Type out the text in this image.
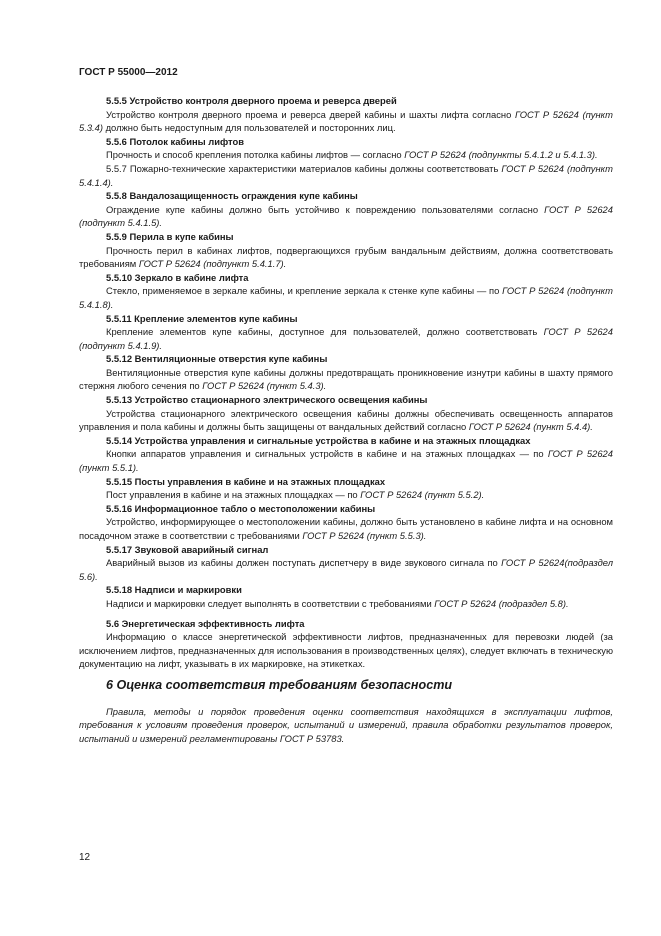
ГОСТ Р 55000—2012
5.5.5 Устройство контроля дверного проема и реверса дверей
Устройство контроля дверного проема и реверса дверей кабины и шахты лифта согласно ГОСТ Р 52624 (пункт 5.3.4) должно быть недоступным для пользователей и посторонних лиц.
5.5.6 Потолок кабины лифтов
Прочность и способ крепления потолка кабины лифтов — согласно ГОСТ Р 52624 (подпункты 5.4.1.2 и 5.4.1.3).
5.5.7 Пожарно-технические характеристики материалов кабины должны соответствовать ГОСТ Р 52624 (подпункт 5.4.1.4).
5.5.8 Вандалозащищенность ограждения купе кабины
Ограждение купе кабины должно быть устойчиво к повреждению пользователями согласно ГОСТ Р 52624 (подпункт 5.4.1.5).
5.5.9 Перила в купе кабины
Прочность перил в кабинах лифтов, подвергающихся грубым вандальным действиям, должна соответствовать требованиям ГОСТ Р 52624 (подпункт 5.4.1.7).
5.5.10 Зеркало в кабине лифта
Стекло, применяемое в зеркале кабины, и крепление зеркала к стенке купе кабины — по ГОСТ Р 52624 (подпункт 5.4.1.8).
5.5.11 Крепление элементов купе кабины
Крепление элементов купе кабины, доступное для пользователей, должно соответствовать ГОСТ Р 52624 (подпункт 5.4.1.9).
5.5.12 Вентиляционные отверстия купе кабины
Вентиляционные отверстия купе кабины должны предотвращать проникновение изнутри кабины в шахту прямого стержня любого сечения по ГОСТ Р 52624 (пункт 5.4.3).
5.5.13 Устройство стационарного электрического освещения кабины
Устройства стационарного электрического освещения кабины должны обеспечивать освещенность аппаратов управления и пола кабины и должны быть защищены от вандальных действий согласно ГОСТ Р 52624 (пункт 5.4.4).
5.5.14 Устройства управления и сигнальные устройства в кабине и на этажных площадках
Кнопки аппаратов управления и сигнальных устройств в кабине и на этажных площадках — по ГОСТ Р 52624 (пункт 5.5.1).
5.5.15 Посты управления в кабине и на этажных площадках
Пост управления в кабине и на этажных площадках — по ГОСТ Р 52624 (пункт 5.5.2).
5.5.16 Информационное табло о местоположении кабины
Устройство, информирующее о местоположении кабины, должно быть установлено в кабине лифта и на основном посадочном этаже в соответствии с требованиями ГОСТ Р 52624 (пункт 5.5.3).
5.5.17 Звуковой аварийный сигнал
Аварийный вызов из кабины должен поступать диспетчеру в виде звукового сигнала по ГОСТ Р 52624(подраздел 5.6).
5.5.18 Надписи и маркировки
Надписи и маркировки следует выполнять в соответствии с требованиями ГОСТ Р 52624 (подраздел 5.8).
5.6 Энергетическая эффективность лифта
Информацию о классе энергетической эффективности лифтов, предназначенных для перевозки людей (за исключением лифтов, предназначенных для использования в производственных целях), следует включать в техническую документацию на лифт, указывать в их маркировке, на этикетках.
6 Оценка соответствия требованиям безопасности
Правила, методы и порядок проведения оценки соответствия находящихся в эксплуатации лифтов, требования к условиям проведения проверок, испытаний и измерений, правила обработки результатов проверок, испытаний и измерений регламентированы ГОСТ Р 53783.
12
